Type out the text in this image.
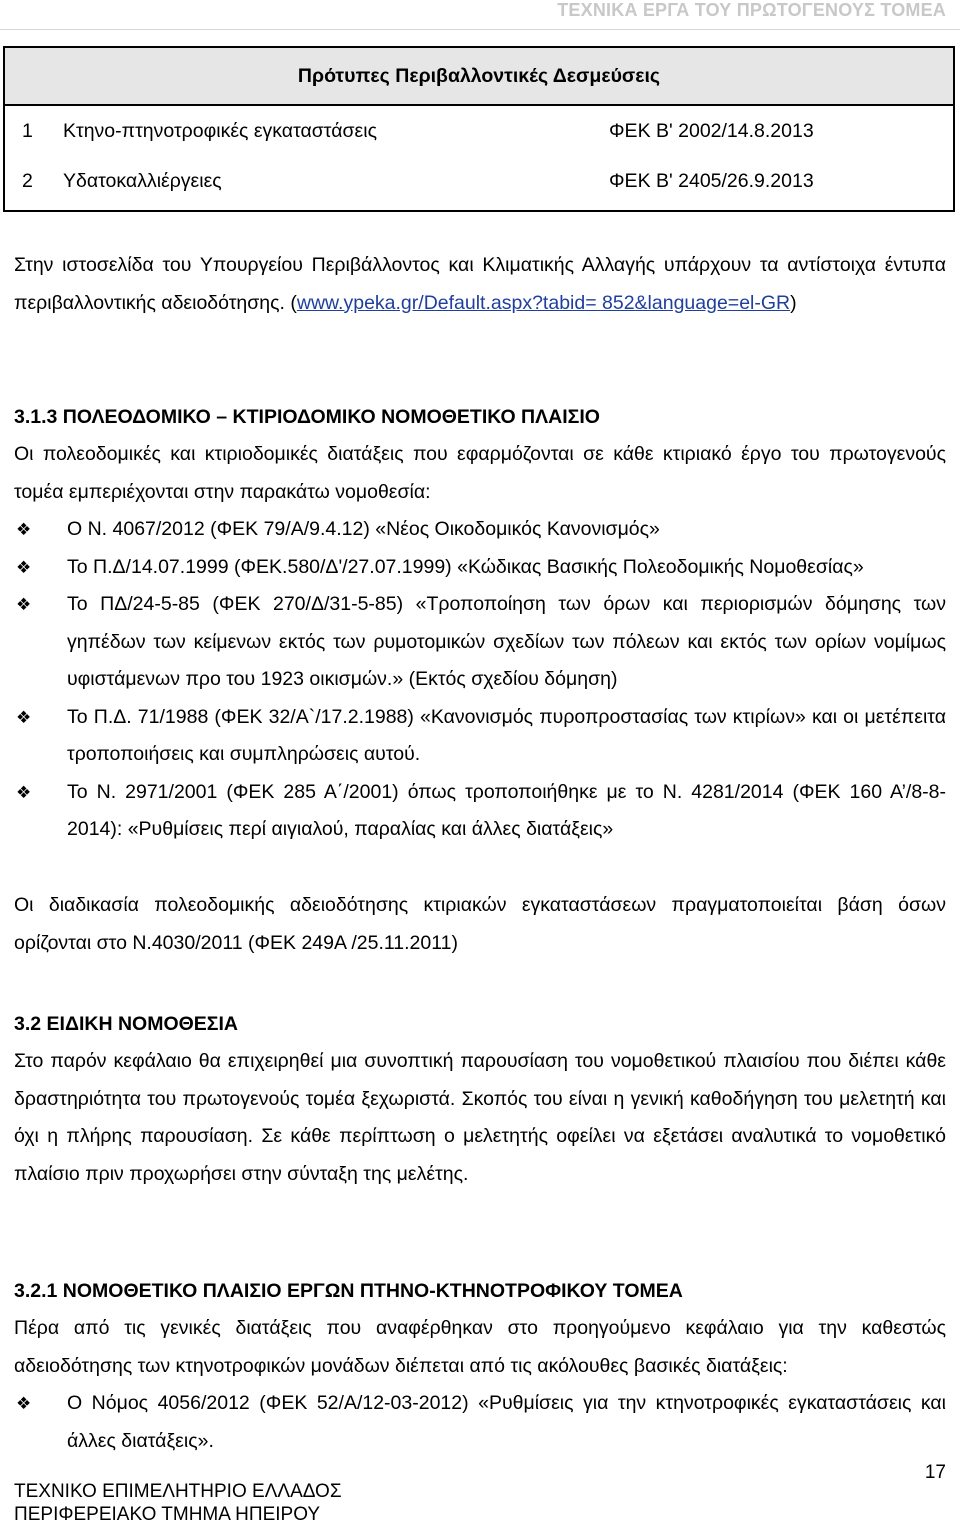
ΤΕΧΝΙΚΑ ΕΡΓΑ ΤΟΥ ΠΡΩΤΟΓΕΝΟΥΣ ΤΟΜΕΑ
Πρότυπες Περιβαλλοντικές Δεσμεύσεις

1 Κτηνο-πτηνοτροφικές εγκαταστάσεις	ΦΕΚ Β' 2002/14.8.2013
2 Υδατοκαλλιέργειες	ΦΕΚ Β' 2405/26.9.2013

Στην ιστοσελίδα του Υπουργείου Περιβάλλοντος και Κλιματικής Αλλαγής υπάρχουν τα αντίστοιχα έντυπα περιβαλλοντικής αδειοδότησης. (www.ypeka.gr/Default.aspx?tabid= 852&language=el-GR)

3.1.3 ΠΟΛΕΟΔΟΜΙΚΟ – ΚΤΙΡΙΟΔΟΜΙΚΟ ΝΟΜΟΘΕΤΙΚΟ ΠΛΑΙΣΙΟ

Οι πολεοδομικές και κτιριοδομικές διατάξεις που εφαρμόζονται σε κάθε κτιριακό έργο του πρωτογενούς τομέα εμπεριέχονται στην παρακάτω νομοθεσία:

❖ Ο Ν. 4067/2012 (ΦΕΚ 79/Α/9.4.12) «Νέος Οικοδομικός Κανονισμός»
❖ Το Π.Δ/14.07.1999 (ΦΕΚ.580/Δ'/27.07.1999) «Κώδικας Βασικής Πολεοδομικής Νομοθεσίας»
❖ Το ΠΔ/24-5-85 (ΦΕΚ 270/Δ/31-5-85) «Τροποποίηση των όρων και περιορισμών δόμησης των γηπέδων των κείμενων εκτός των ρυμοτομικών σχεδίων των πόλεων και εκτός των ορίων νομίμως υφιστάμενων προ του 1923 οικισμών.» (Εκτός σχεδίου δόμηση)
❖ Το Π.Δ. 71/1988 (ΦΕΚ 32/Α`/17.2.1988) «Κανονισμός πυροπροστασίας των κτιρίων» και οι μετέπειτα τροποποιήσεις και συμπληρώσεις αυτού.
❖ Το Ν. 2971/2001 (ΦΕΚ 285 Α΄/2001) όπως τροποποιήθηκε με το Ν. 4281/2014 (ΦΕΚ 160 Α’/8-8-2014): «Ρυθμίσεις περί αιγιαλού, παραλίας και άλλες διατάξεις»

Οι διαδικασία πολεοδομικής αδειοδότησης κτιριακών εγκαταστάσεων πραγματοποιείται βάση όσων ορίζονται στο Ν.4030/2011 (ΦΕΚ 249Α /25.11.2011)

3.2 ΕΙΔΙΚΗ ΝΟΜΟΘΕΣΙΑ

Στο παρόν κεφάλαιο θα επιχειρηθεί μια συνοπτική παρουσίαση του νομοθετικού πλαισίου που διέπει κάθε δραστηριότητα του πρωτογενούς τομέα ξεχωριστά. Σκοπός του είναι η γενική καθοδήγηση του μελετητή και όχι η πλήρης παρουσίαση. Σε κάθε περίπτωση ο μελετητής οφείλει να εξετάσει αναλυτικά το νομοθετικό πλαίσιο πριν προχωρήσει στην σύνταξη της μελέτης.

3.2.1 ΝΟΜΟΘΕΤΙΚΟ ΠΛΑΙΣΙΟ ΕΡΓΩΝ ΠΤΗΝΟ-ΚΤΗΝΟΤΡΟΦΙΚΟΥ ΤΟΜΕΑ

Πέρα από τις γενικές διατάξεις που αναφέρθηκαν στο προηγούμενο κεφάλαιο για την καθεστώς αδειοδότησης των κτηνοτροφικών μονάδων διέπεται από τις ακόλουθες βασικές διατάξεις:

❖ Ο Νόμος 4056/2012 (ΦΕΚ 52/Α/12-03-2012) «Ρυθμίσεις για την κτηνοτροφικές εγκαταστάσεις και άλλες διατάξεις».
17
ΤΕΧΝΙΚΟ ΕΠΙΜΕΛΗΤΗΡΙΟ ΕΛΛΑΔΟΣ
ΠΕΡΙΦΕΡΕΙΑΚΟ ΤΜΗΜΑ ΗΠΕΙΡΟΥ
